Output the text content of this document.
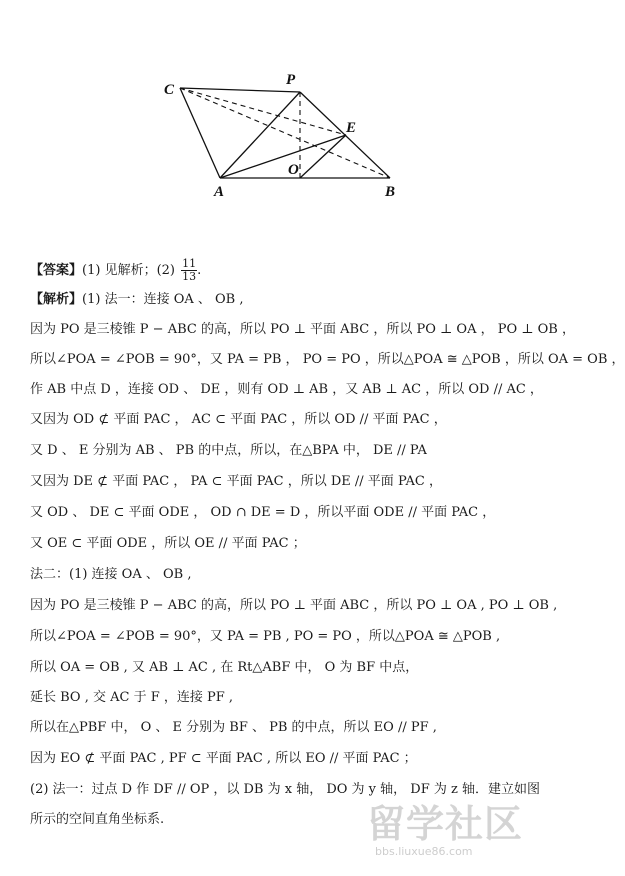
C
P
E
O
A	B
【答案】(1) 见解析；$(2) \frac{11}{13}$ .
【解析】(1) 法一：连接 OA 、 OB ,
因为 PO 是三棱锥 P − ABC 的高，所以 PO ⊥ 平面 ABC ，所以 PO ⊥ OA ， PO ⊥ OB ，
所以∠POA = ∠POB = 90°，又 PA = PB ， PO = PO ，所以△POA ≅ △POB ，所以 OA = OB ，
作 AB 中点 D ，连接 OD 、 DE ，则有 OD ⊥ AB ，又 AB ⊥ AC ，所以 OD // AC ，
又因为 OD ⊄ 平面 PAC ， AC ⊂ 平面 PAC ，所以 OD // 平面 PAC ，
又 D 、 E 分别为 AB 、 PB 的中点，所以，在△BPA 中， DE // PA
又因为 DE ⊄ 平面 PAC ， PA ⊂ 平面 PAC ，所以 DE // 平面 PAC ，
又 OD 、 DE ⊂ 平面 ODE ， OD ∩ DE = D ，所以平面 ODE // 平面 PAC ，
又 OE ⊂ 平面 ODE ，所以 OE // 平面 PAC ；
法二：(1) 连接 OA 、 OB ,
因为 PO 是三棱锥 P − ABC 的高，所以 PO ⊥ 平面 ABC ，所以 PO ⊥ OA , PO ⊥ OB ,
所以∠POA = ∠POB = 90°，又 PA = PB , PO = PO ，所以△POA ≅ △POB ,
所以 OA = OB , 又 AB ⊥ AC , 在 Rt△ABF 中， O 为 BF 中点，
延长 BO , 交 AC 于 F ，连接 PF ,
所以在△PBF 中， O 、 E 分别为 BF 、 PB 的中点，所以 EO // PF ,
因为 EO ⊄ 平面 PAC , PF ⊂ 平面 PAC , 所以 EO // 平面 PAC ；
(2) 法一：过点 D 作 DF // OP ，以 DB 为 x 轴， DO 为 y 轴， DF 为 z 轴．建立如图
所示的空间直角坐标系.	留学社区
bbs.liuxue86.com
